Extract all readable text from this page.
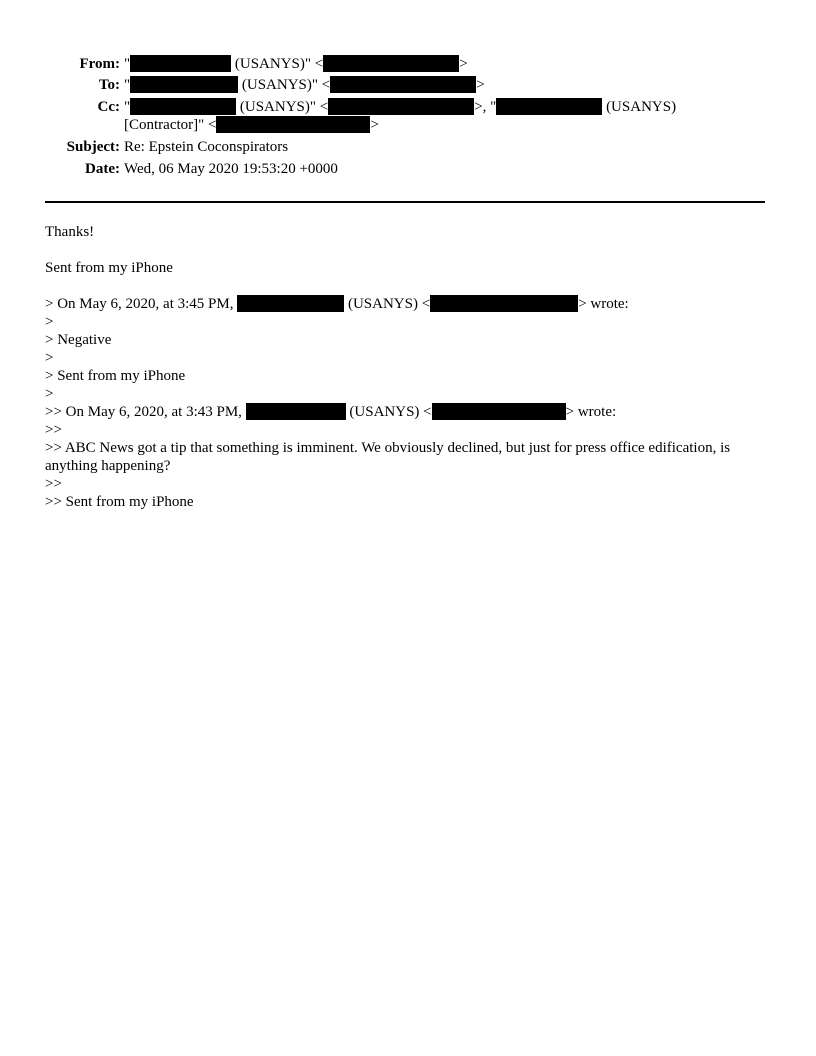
From: "	(USANYS)" <	>
To: "	(USANYS)" <	>
Cc: "	(USANYS)" <	>, "	(USANYS)
[Contractor]" <	>
Subject: Re: Epstein Coconspirators
Date: Wed, 06 May 2020 19:53:20 +0000
Thanks!
Sent from my iPhone
> On May 6, 2020, at 3:45 PM,	(USANYS) <	> wrote:
>
> Negative
>
> Sent from my iPhone
>
>> On May 6, 2020, at 3:43 PM,	(USANYS) <	> wrote:
>>
>> ABC News got a tip that something is imminent. We obviously declined, but just for press office edification, is anything happening?
>>
>> Sent from my iPhone
